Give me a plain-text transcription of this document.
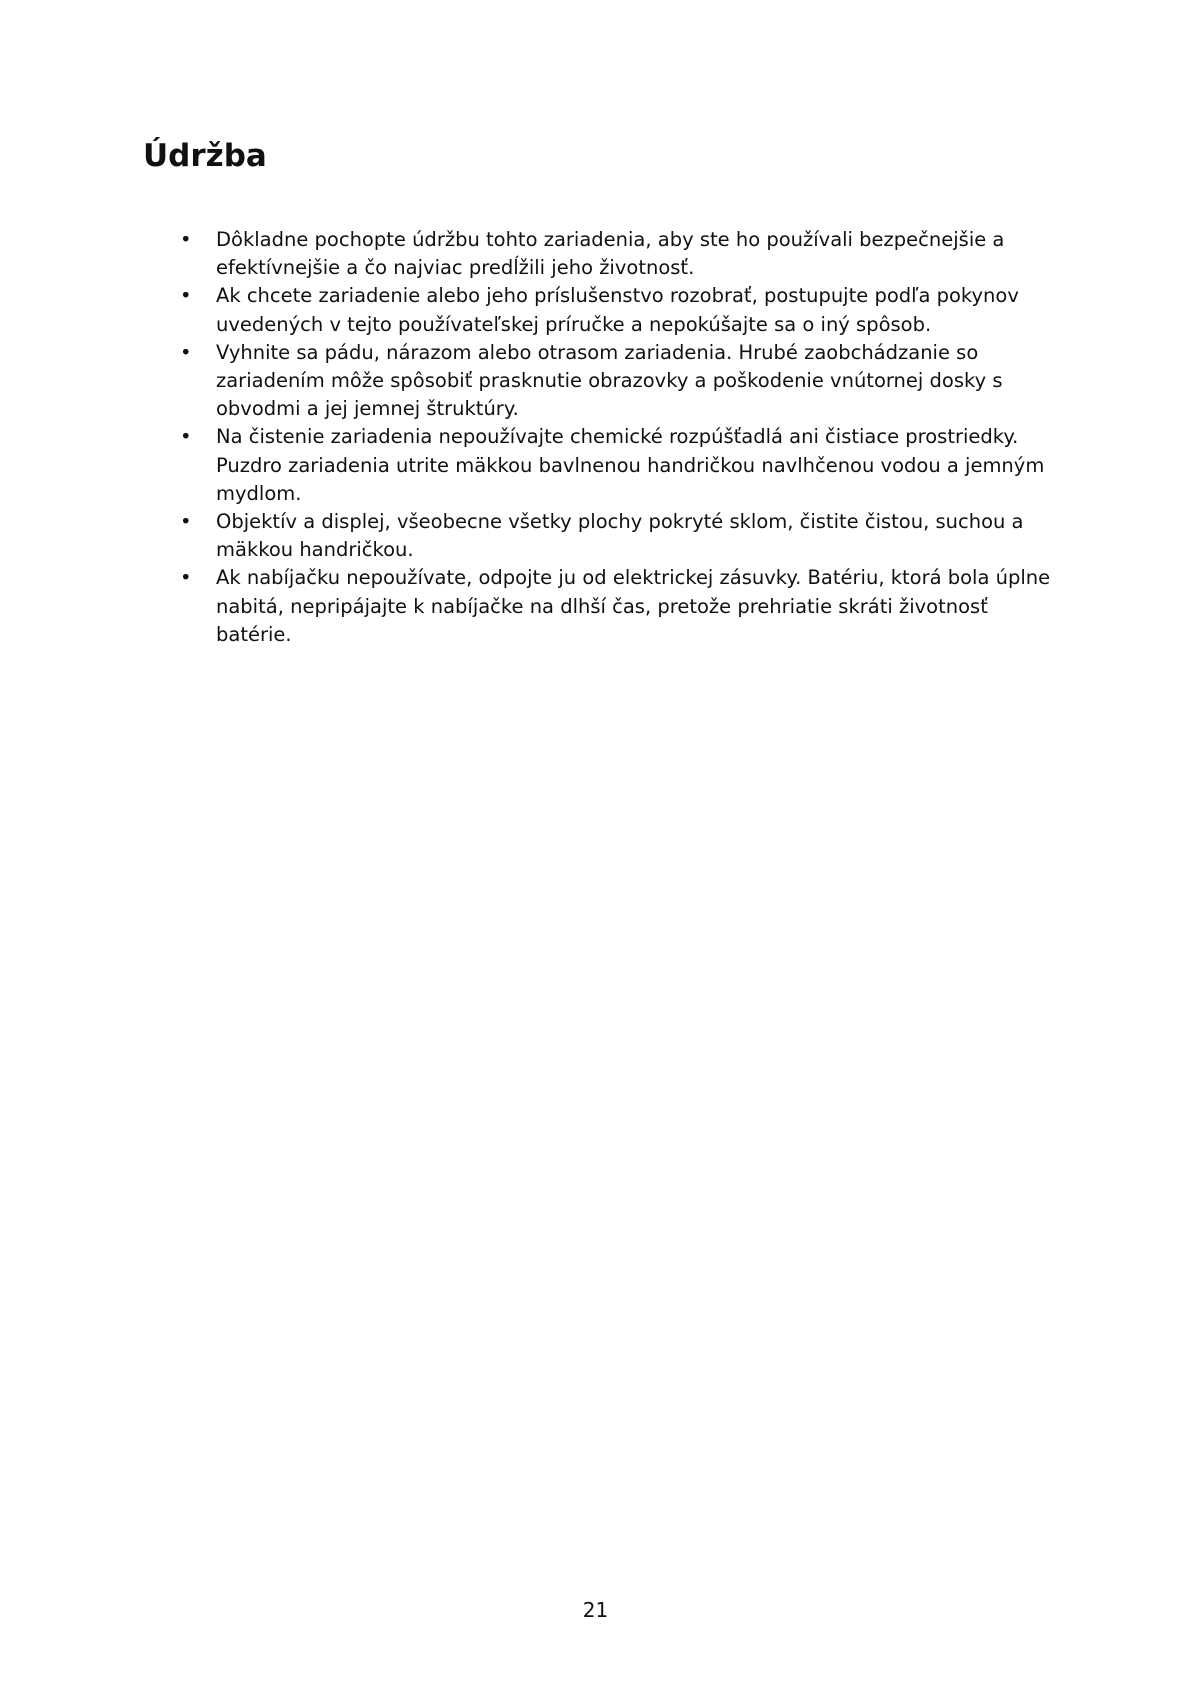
Údržba
• Dôkladne pochopte údržbu tohto zariadenia, aby ste ho používali bezpečnejšie a efektívnejšie a čo najviac predĺžili jeho životnosť.
• Ak chcete zariadenie alebo jeho príslušenstvo rozobrať, postupujte podľa pokynov uvedených v tejto používateľskej príručke a nepokúšajte sa o iný spôsob.
• Vyhnite sa pádu, nárazom alebo otrasom zariadenia. Hrubé zaobchádzanie so zariadením môže spôsobiť prasknutie obrazovky a poškodenie vnútornej dosky s obvodmi a jej jemnej štruktúry.
• Na čistenie zariadenia nepoužívajte chemické rozpúšťadlá ani čistiace prostriedky. Puzdro zariadenia utrite mäkkou bavlnenou handričkou navlhčenou vodou a jemným mydlom.
• Objektív a displej, všeobecne všetky plochy pokryté sklom, čistite čistou, suchou a mäkkou handričkou.
• Ak nabíjačku nepoužívate, odpojte ju od elektrickej zásuvky. Batériu, ktorá bola úplne nabitá, nepripájajte k nabíjačke na dlhší čas, pretože prehriatie skráti životnosť batérie.
21
